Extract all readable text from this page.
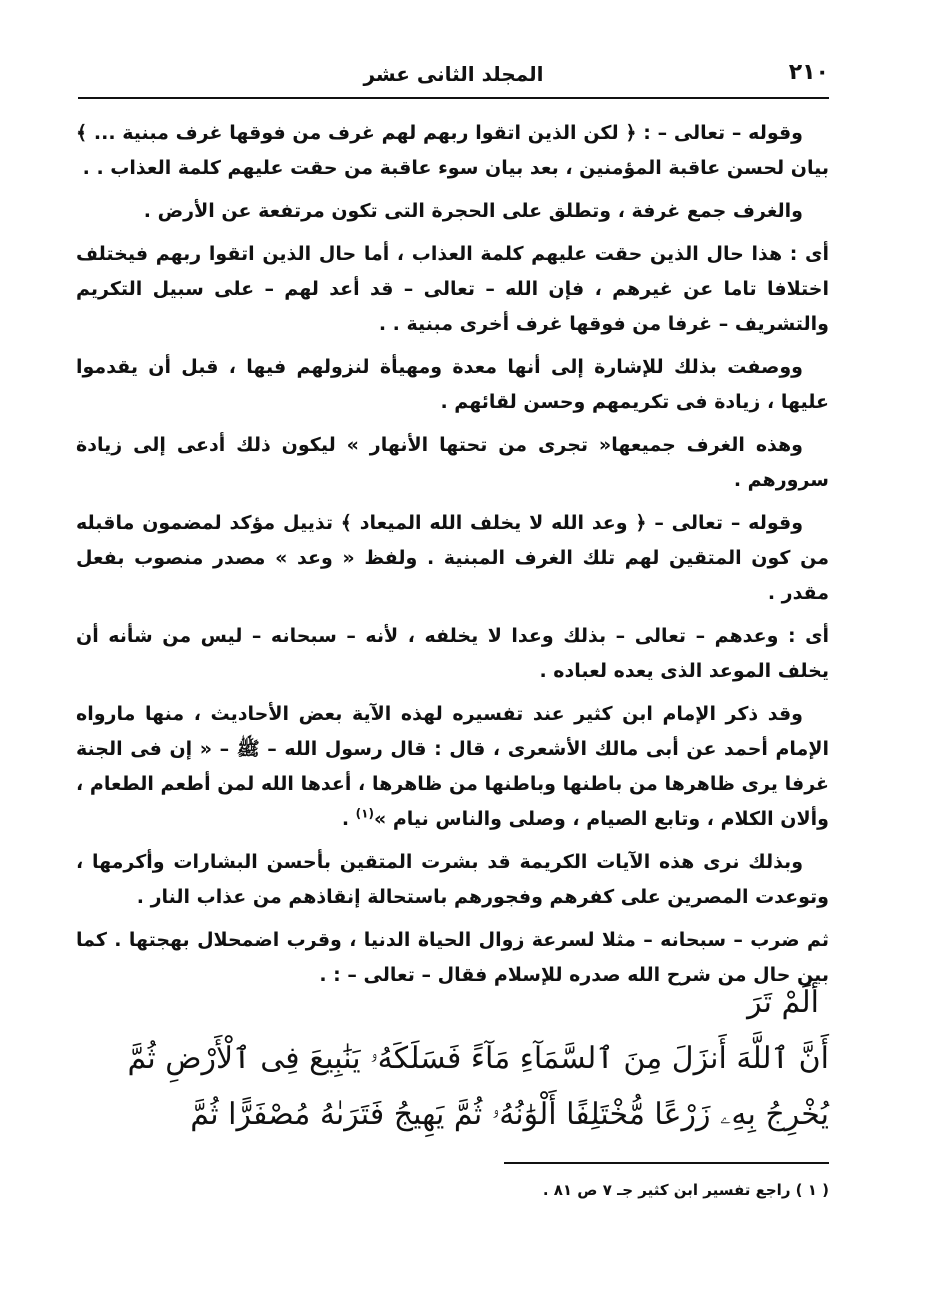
٢١٠
المجلد الثانى عشر

وقوله – تعالى – : ﴿ لكن الذين اتقوا ربهم لهم غرف من فوقها غرف مبنية ... ﴾ بيان لحسن عاقبة المؤمنين ، بعد بيان سوء عاقبة من حقت عليهم كلمة العذاب . .

والغرف جمع غرفة ، وتطلق على الحجرة التى تكون مرتفعة عن الأرض .

أى : هذا حال الذين حقت عليهم كلمة العذاب ، أما حال الذين اتقوا ربهم فيختلف اختلافا تاما عن غيرهم ، فإن الله – تعالى – قد أعد لهم – على سبيل التكريم والتشريف – غرفا من فوقها غرف أخرى مبنية . .

ووصفت بذلك للإشارة إلى أنها معدة ومهيأة لنزولهم فيها ، قبل أن يقدموا عليها ، زيادة فى تكريمهم وحسن لقائهم .

وهذه الغرف جميعها« تجرى من تحتها الأنهار » ليكون ذلك أدعى إلى زيادة سرورهم .

وقوله – تعالى – ﴿ وعد الله لا يخلف الله الميعاد ﴾ تذييل مؤكد لمضمون ماقبله من كون المتقين لهم تلك الغرف المبنية . ولفظ « وعد » مصدر منصوب بفعل مقدر .

أى : وعدهم – تعالى – بذلك وعدا لا يخلفه ، لأنه – سبحانه – ليس من شأنه أن يخلف الموعد الذى يعده لعباده .

وقد ذكر الإمام ابن كثير عند تفسيره لهذه الآية بعض الأحاديث ، منها مارواه الإمام أحمد عن أبى مالك الأشعرى ، قال : قال رسول الله – ﷺ – « إن فى الجنة غرفا يرى ظاهرها من باطنها وباطنها من ظاهرها ، أعدها الله لمن أطعم الطعام ، وألان الكلام ، وتابع الصيام ، وصلى والناس نيام »$^{(١)}$ .

وبذلك نرى هذه الآيات الكريمة قد بشرت المتقين بأحسن البشارات وأكرمها ، وتوعدت المصرين على كفرهم وفجورهم باستحالة إنقاذهم من عذاب النار .

ثم ضرب – سبحانه – مثلا لسرعة زوال الحياة الدنيا ، وقرب اضمحلال بهجتها . كما بين حال من شرح الله صدره للإسلام فقال – تعالى – : .

أَلَمْ تَرَ
أَنَّ ٱللَّهَ أَنزَلَ مِنَ ٱلسَّمَآءِ مَآءً فَسَلَكَهُۥ يَنَٰبِيعَ فِى ٱلْأَرْضِ ثُمَّ
يُخْرِجُ بِهِۦ زَرْعًا مُّخْتَلِفًا أَلْوَٰنُهُۥ ثُمَّ يَهِيجُ فَتَرَىٰهُ مُصْفَرًّا ثُمَّ
( ١ ) راجع تفسير ابن كثير جـ ٧ ص ٨١ .
